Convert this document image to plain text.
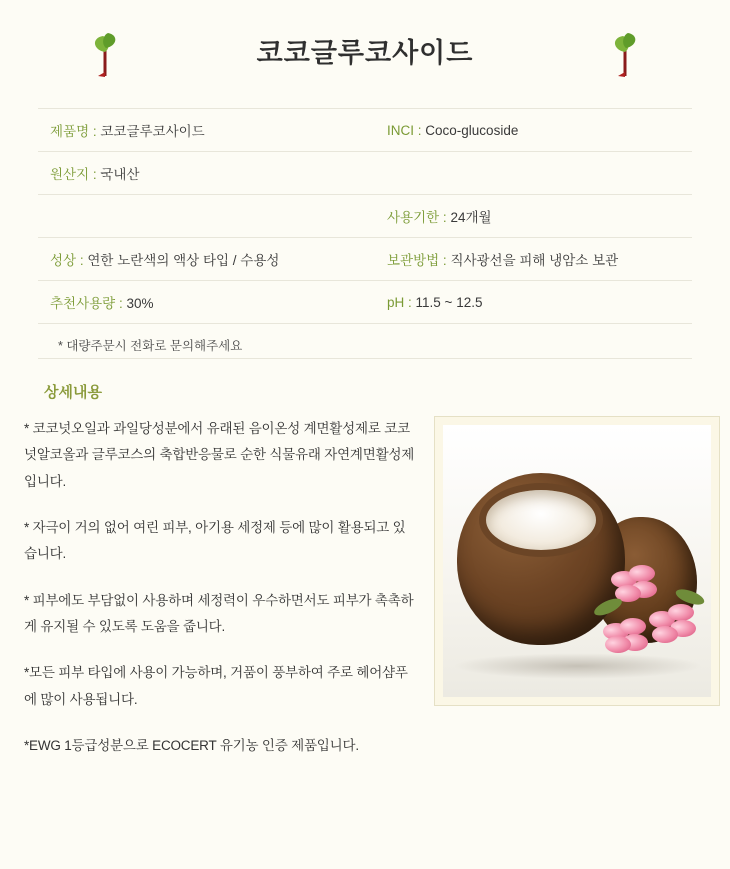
코코글루코사이드
제품명 : 코코글루코사이드	INCI : Coco-glucoside
원산지 : 국내산	
	사용기한 : 24개월
성상 : 연한 노란색의 액상 타입 / 수용성	보관방법 : 직사광선을 피해 냉암소 보관
추천사용량 : 30%	pH : 11.5 ~ 12.5
* 대량주문시 전화로 문의해주세요	
상세내용

* 코코넛오일과 과일당성분에서 유래된 음이온성 계면활성제로 코코넛알코올과 글루코스의 축합반응물로 순한 식물유래 자연계면활성제입니다.

* 자극이 거의 없어 여린 피부, 아기용 세정제 등에 많이 활용되고 있습니다.

* 피부에도 부담없이 사용하며 세정력이 우수하면서도 피부가 촉촉하게 유지될 수 있도록 도움을 줍니다.

*모든 피부 타입에 사용이 가능하며, 거품이 풍부하여 주로 헤어샴푸에 많이 사용됩니다.

*EWG 1등급성분으로 ECOCERT 유기농 인증 제품입니다.
